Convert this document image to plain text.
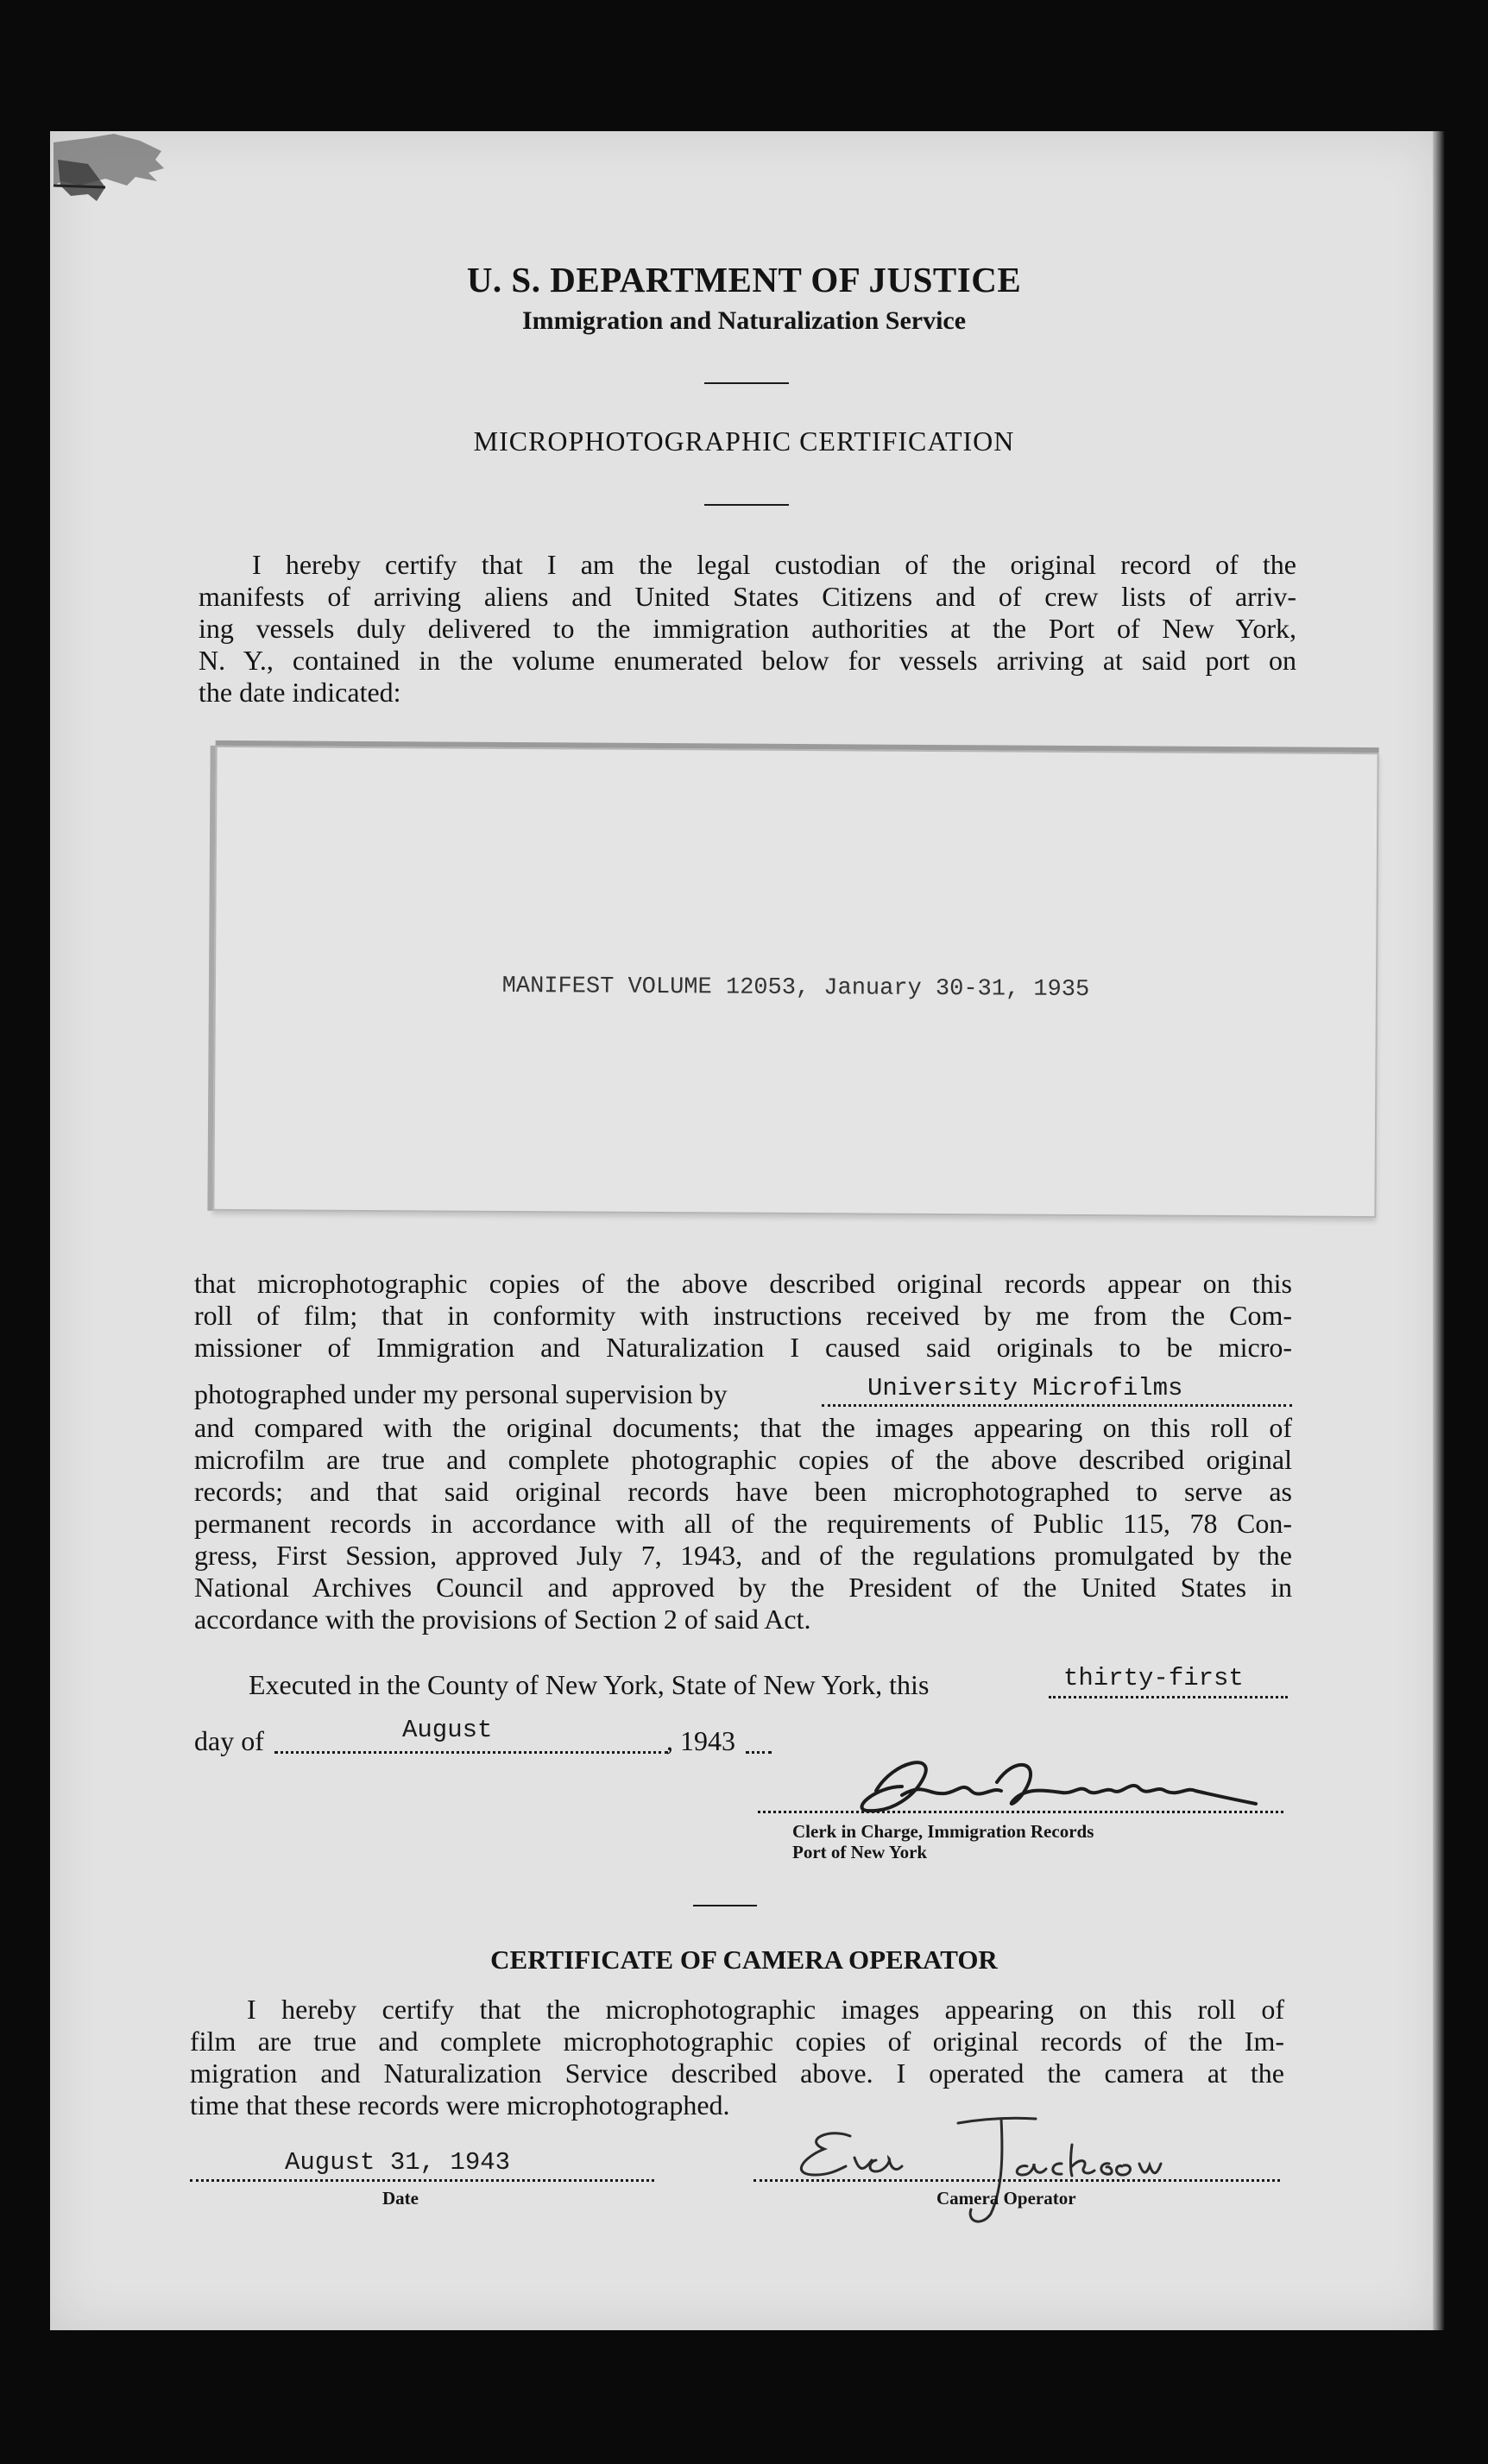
U. S. DEPARTMENT OF JUSTICE
Immigration and Naturalization Service
MICROPHOTOGRAPHIC CERTIFICATION
I hereby certify that I am the legal custodian of the original record of the
manifests of arriving aliens and United States Citizens and of crew lists of arriv-
ing vessels duly delivered to the immigration authorities at the Port of New York,
N. Y., contained in the volume enumerated below for vessels arriving at said port on
the date indicated:
MANIFEST VOLUME 12053, January 30-31, 1935
that microphotographic copies of the above described original records appear on this
roll of film; that in conformity with instructions received by me from the Com-
missioner of Immigration and Naturalization I caused said originals to be micro-
photographed under my personal supervision by	University Microfilms
and compared with the original documents; that the images appearing on this roll of
microfilm are true and complete photographic copies of the above described original
records; and that said original records have been microphotographed to serve as
permanent records in accordance with all of the requirements of Public 115, 78 Con-
gress, First Session, approved July 7, 1943, and of the regulations promulgated by the
National Archives Council and approved by the President of the United States in
accordance with the provisions of Section 2 of said Act.
Executed in the County of New York, State of New York, this	thirty-first
day of	August	, 1943
Clerk in Charge, Immigration Records
Port of New York
CERTIFICATE OF CAMERA OPERATOR
I hereby certify that the microphotographic images appearing on this roll of
film are true and complete microphotographic copies of original records of the Im-
migration and Naturalization Service described above. I operated the camera at the
time that these records were microphotographed.
August 31, 1943
Date	Camera Operator
